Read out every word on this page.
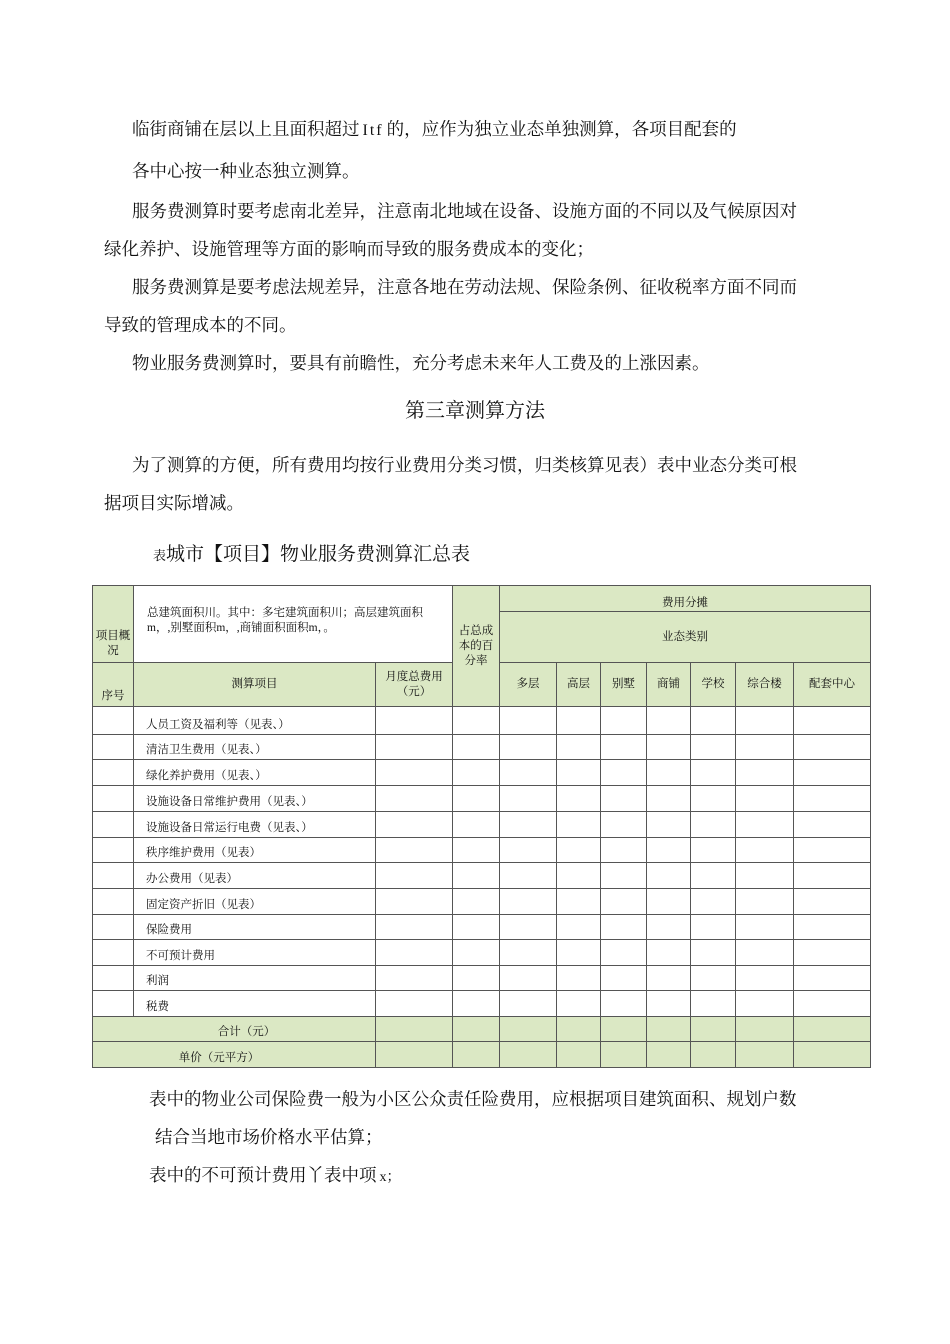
临街商铺在层以上且面积超过 Itf 的，应作为独立业态单独测算，各项目配套的
各中心按一种业态独立测算。
服务费测算时要考虑南北差异，注意南北地域在设备、设施方面的不同以及气候原因对
绿化养护、设施管理等方面的影响而导致的服务费成本的变化；
服务费测算是要考虑法规差异，注意各地在劳动法规、保险条例、征收税率方面不同而
导致的管理成本的不同。
物业服务费测算时，要具有前瞻性，充分考虑未来年人工费及的上涨因素。
第三章测算方法
为了测算的方便，所有费用均按行业费用分类习惯，归类核算见表）表中业态分类可根
据项目实际增减。
表城市【项目】物业服务费测算汇总表
项目概况	总建筑面积川。其中：多宅建筑面积川；高层建筑面积m，,别墅面积m，,商铺面积面积m，。		占总成本的百分率	费用分摊						
				业态类别						
序号	测算项目	月度总费用（元）		多层	高层	别墅	商铺	学校	综合楼	配套中心
	人员工资及福利等（见表、）									
	清洁卫生费用（见表、）									
	绿化养护费用（见表、）									
	设施设备日常维护费用（见表、）									
	设施设备日常运行电费（见表、）									
	秩序维护费用（见表）									
	办公费用（见表）									
	固定资产折旧（见表）									
	保险费用									
	不可预计费用									
	利润									
	税费									
合计（元）										
单价（元平方）										
表中的物业公司保险费一般为小区公众责任险费用，应根据项目建筑面积、规划户数
结合当地市场价格水平估算；
表中的不可预计费用丫表中项 x；
